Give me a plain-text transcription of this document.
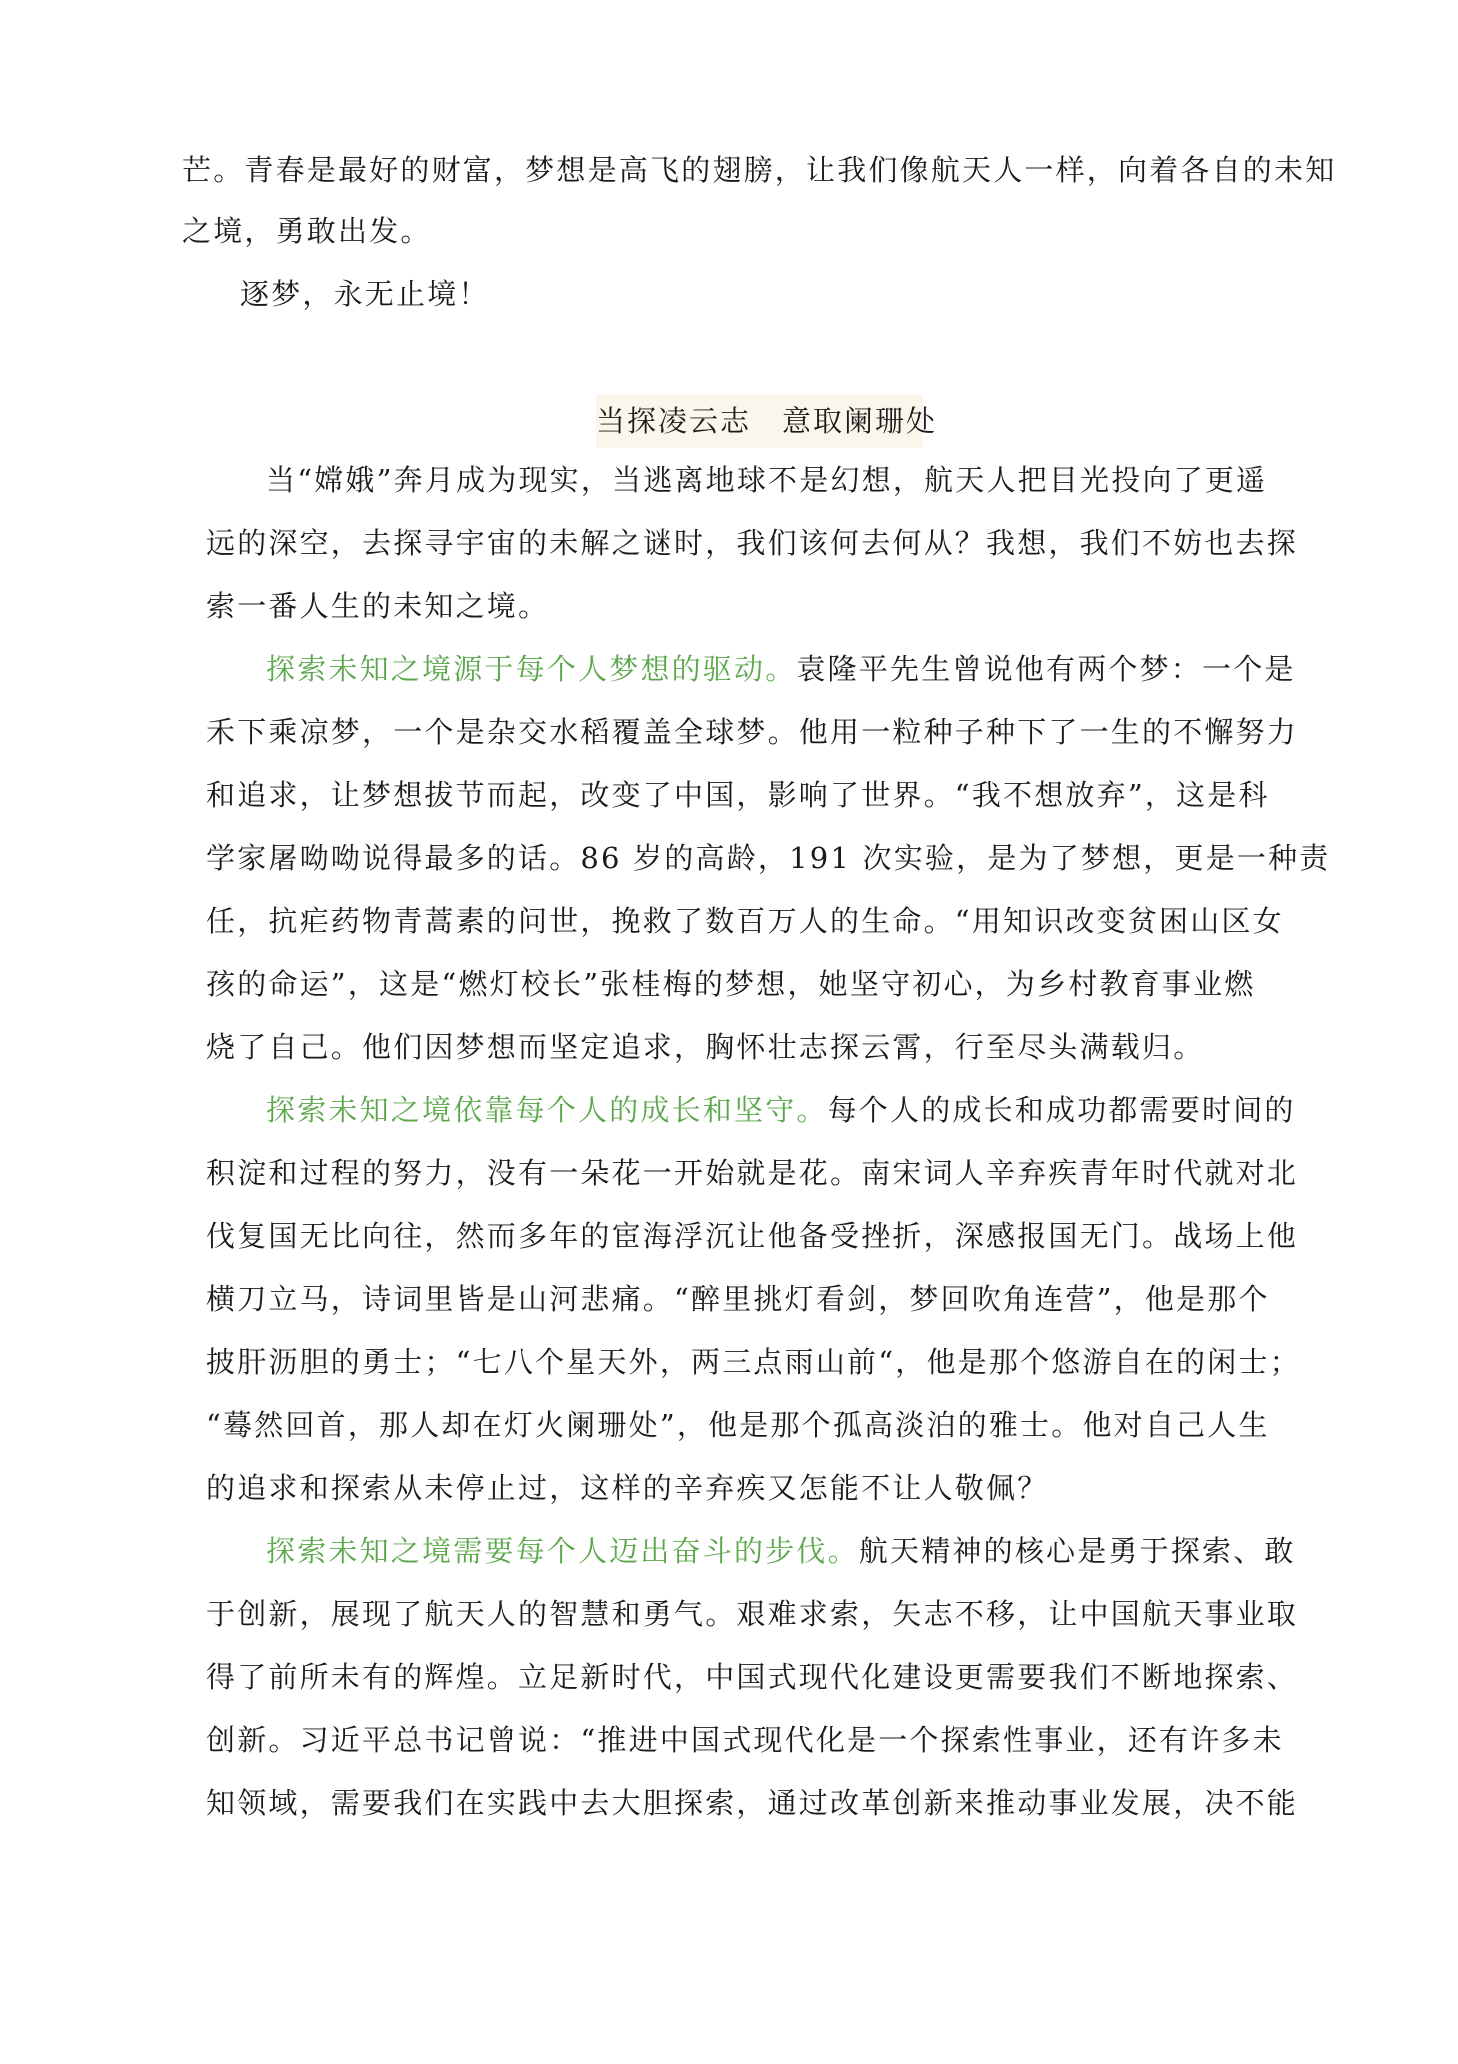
芒。青春是最好的财富，梦想是高飞的翅膀，让我们像航天人一样，向着各自的未知
之境，勇敢出发。
逐梦，永无止境！
当探凌云志　意取阑珊处
当“嫦娥”奔月成为现实，当逃离地球不是幻想，航天人把目光投向了更遥
远的深空，去探寻宇宙的未解之谜时，我们该何去何从？我想，我们不妨也去探
索一番人生的未知之境。
探索未知之境源于每个人梦想的驱动。袁隆平先生曾说他有两个梦：一个是
禾下乘凉梦，一个是杂交水稻覆盖全球梦。他用一粒种子种下了一生的不懈努力
和追求，让梦想拔节而起，改变了中国，影响了世界。“我不想放弃”，这是科
学家屠呦呦说得最多的话。86 岁的高龄，191 次实验，是为了梦想，更是一种责
任，抗疟药物青蒿素的问世，挽救了数百万人的生命。“用知识改变贫困山区女
孩的命运”，这是“燃灯校长”张桂梅的梦想，她坚守初心，为乡村教育事业燃
烧了自己。他们因梦想而坚定追求，胸怀壮志探云霄，行至尽头满载归。
探索未知之境依靠每个人的成长和坚守。每个人的成长和成功都需要时间的
积淀和过程的努力，没有一朵花一开始就是花。南宋词人辛弃疾青年时代就对北
伐复国无比向往，然而多年的宦海浮沉让他备受挫折，深感报国无门。战场上他
横刀立马，诗词里皆是山河悲痛。“醉里挑灯看剑，梦回吹角连营”，他是那个
披肝沥胆的勇士；“七八个星天外，两三点雨山前“，他是那个悠游自在的闲士；
“蓦然回首，那人却在灯火阑珊处”，他是那个孤高淡泊的雅士。他对自己人生
的追求和探索从未停止过，这样的辛弃疾又怎能不让人敬佩？
探索未知之境需要每个人迈出奋斗的步伐。航天精神的核心是勇于探索、敢
于创新，展现了航天人的智慧和勇气。艰难求索，矢志不移，让中国航天事业取
得了前所未有的辉煌。立足新时代，中国式现代化建设更需要我们不断地探索、
创新。习近平总书记曾说：“推进中国式现代化是一个探索性事业，还有许多未
知领域，需要我们在实践中去大胆探索，通过改革创新来推动事业发展，决不能
